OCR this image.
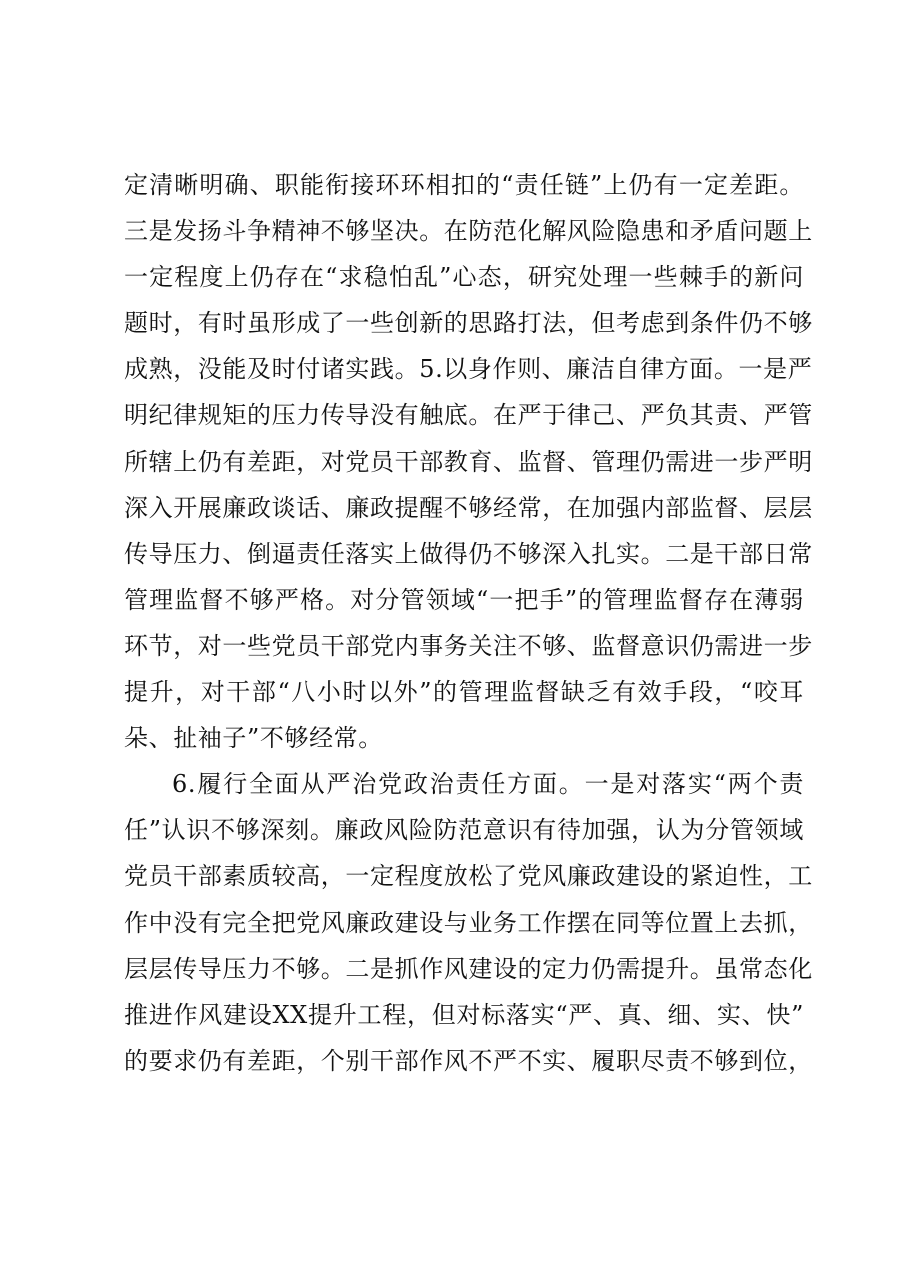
定清晰明确、职能衔接环环相扣的“责任链”上仍有一定差距。
三是发扬斗争精神不够坚决。在防范化解风险隐患和矛盾问题上
一定程度上仍存在“求稳怕乱”心态，研究处理一些棘手的新问
题时，有时虽形成了一些创新的思路打法，但考虑到条件仍不够
成熟，没能及时付诸实践。5.以身作则、廉洁自律方面。一是严
明纪律规矩的压力传导没有触底。在严于律己、严负其责、严管
所辖上仍有差距，对党员干部教育、监督、管理仍需进一步严明
深入开展廉政谈话、廉政提醒不够经常，在加强内部监督、层层
传导压力、倒逼责任落实上做得仍不够深入扎实。二是干部日常
管理监督不够严格。对分管领域“一把手”的管理监督存在薄弱
环节，对一些党员干部党内事务关注不够、监督意识仍需进一步
提升，对干部“八小时以外”的管理监督缺乏有效手段，“咬耳
朵、扯袖子”不够经常。
6.履行全面从严治党政治责任方面。一是对落实“两个责
任”认识不够深刻。廉政风险防范意识有待加强，认为分管领域
党员干部素质较高，一定程度放松了党风廉政建设的紧迫性，工
作中没有完全把党风廉政建设与业务工作摆在同等位置上去抓，
层层传导压力不够。二是抓作风建设的定力仍需提升。虽常态化
推进作风建设XX提升工程，但对标落实“严、真、细、实、快”
的要求仍有差距，个别干部作风不严不实、履职尽责不够到位，
